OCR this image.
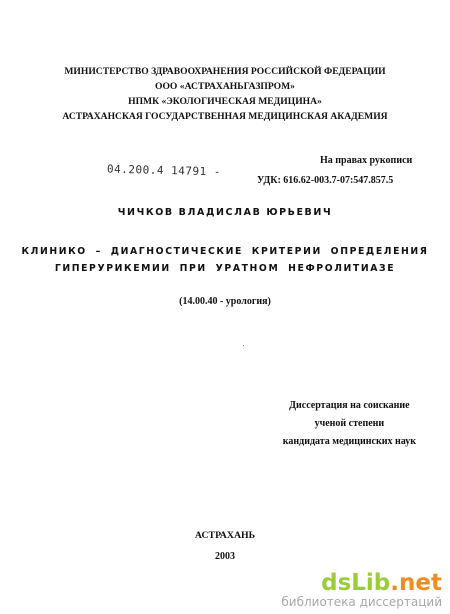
МИНИСТЕРСТВО ЗДРАВООХРАНЕНИЯ РОССИЙСКОЙ ФЕДЕРАЦИИ
ООО «АСТРАХАНЬГАЗПРОМ»
НПМК «ЭКОЛОГИЧЕСКАЯ МЕДИЦИНА»
АСТРАХАНСКАЯ ГОСУДАРСТВЕННАЯ МЕДИЦИНСКАЯ АКАДЕМИЯ
04.200.4 14791 -
На правах рукописи
УДК: 616.62-003.7-07:547.857.5
ЧИЧКОВ ВЛАДИСЛАВ ЮРЬЕВИЧ
КЛИНИКО – ДИАГНОСТИЧЕСКИЕ КРИТЕРИИ ОПРЕДЕЛЕНИЯ
ГИПЕРУРИКЕМИИ ПРИ УРАТНОМ НЕФРОЛИТИАЗЕ
(14.00.40 - урология)
Диссертация на соискание
ученой степени
кандидата медицинских наук
АСТРАХАНЬ
2003
dsLib.net
библиотека диссертаций
